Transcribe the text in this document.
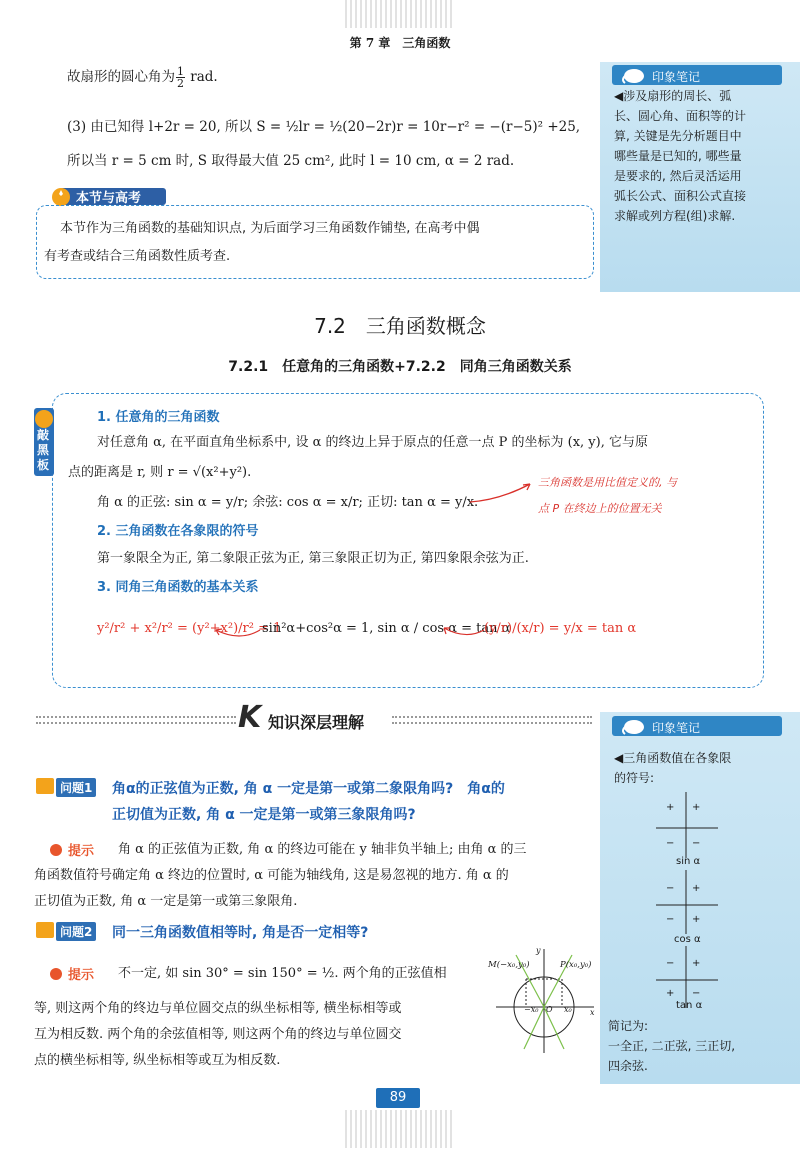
第 7 章　三角函数
故扇形的圆心角为 $\frac{1}{2}$ rad.
(3) 由已知得 l+2r = 20, 所以 S = ½lr = ½(20−2r)r = 10r−r² = −(r−5)² +25,
所以当 r = 5 cm 时, S 取得最大值 25 cm², 此时 l = 10 cm, α = 2 rad.
本节与高考
本节作为三角函数的基础知识点, 为后面学习三角函数作铺垫, 在高考中偶
有考查或结合三角函数性质考查.
印象笔记
◀涉及扇形的周长、弧
长、圆心角、面积等的计
算, 关键是先分析题目中
哪些量是已知的, 哪些量
是要求的, 然后灵活运用
弧长公式、面积公式直接
求解或列方程(组)求解.
7.2　三角函数概念
7.2.1　任意角的三角函数+7.2.2　同角三角函数关系
敲黑板
1. 任意角的三角函数
对任意角 α, 在平面直角坐标系中, 设 α 的终边上异于原点的任意一点 P 的坐标为 (x, y), 它与原
点的距离是 r, 则 r = √(x²+y²).
角 α 的正弦: sin α = y/r; 余弦: cos α = x/r; 正切: tan α = y/x.
三角函数是用比值定义的, 与
点 P 在终边上的位置无关
2. 三角函数在各象限的符号
第一象限全为正, 第二象限正弦为正, 第三象限正切为正, 第四象限余弦为正.
3. 同角三角函数的基本关系
y²/r² + x²/r² = (y²+x²)/r² = 1
sin²α+cos²α = 1, sin α / cos α = tan α
(y/r)/(x/r) = y/x = tan α
K 知识深层理解	印象笔记
◀三角函数值在各象限
的符号:
+
+
− −
− +
− +
− +
+ −
sin α
cos α
tan α
简记为:
一全正, 二正弦, 三正切,
四余弦.
问题1 角α的正弦值为正数, 角 α 一定是第一或第二象限角吗?　角α的
正切值为正数, 角 α 一定是第一或第三象限角吗?
提示 角 α 的正弦值为正数, 角 α 的终边可能在 y 轴非负半轴上; 由角 α 的三
角函数值符号确定角 α 终边的位置时, α 可能为轴线角, 这是易忽视的地方. 角 α 的
正切值为正数, 角 α 一定是第一或第三象限角.
问题2 同一三角函数值相等时, 角是否一定相等?
提示 不一定, 如 sin 30° = sin 150° = ½. 两个角的正弦值相
等, 则这两个角的终边与单位圆交点的纵坐标相等, 横坐标相等或
互为相反数. 两个角的余弦值相等, 则这两个角的终边与单位圆交
点的横坐标相等, 纵坐标相等或互为相反数.
M(−x₀,y₀)	P(x₀,y₀)
−x₀ O x₀ x
y
89
